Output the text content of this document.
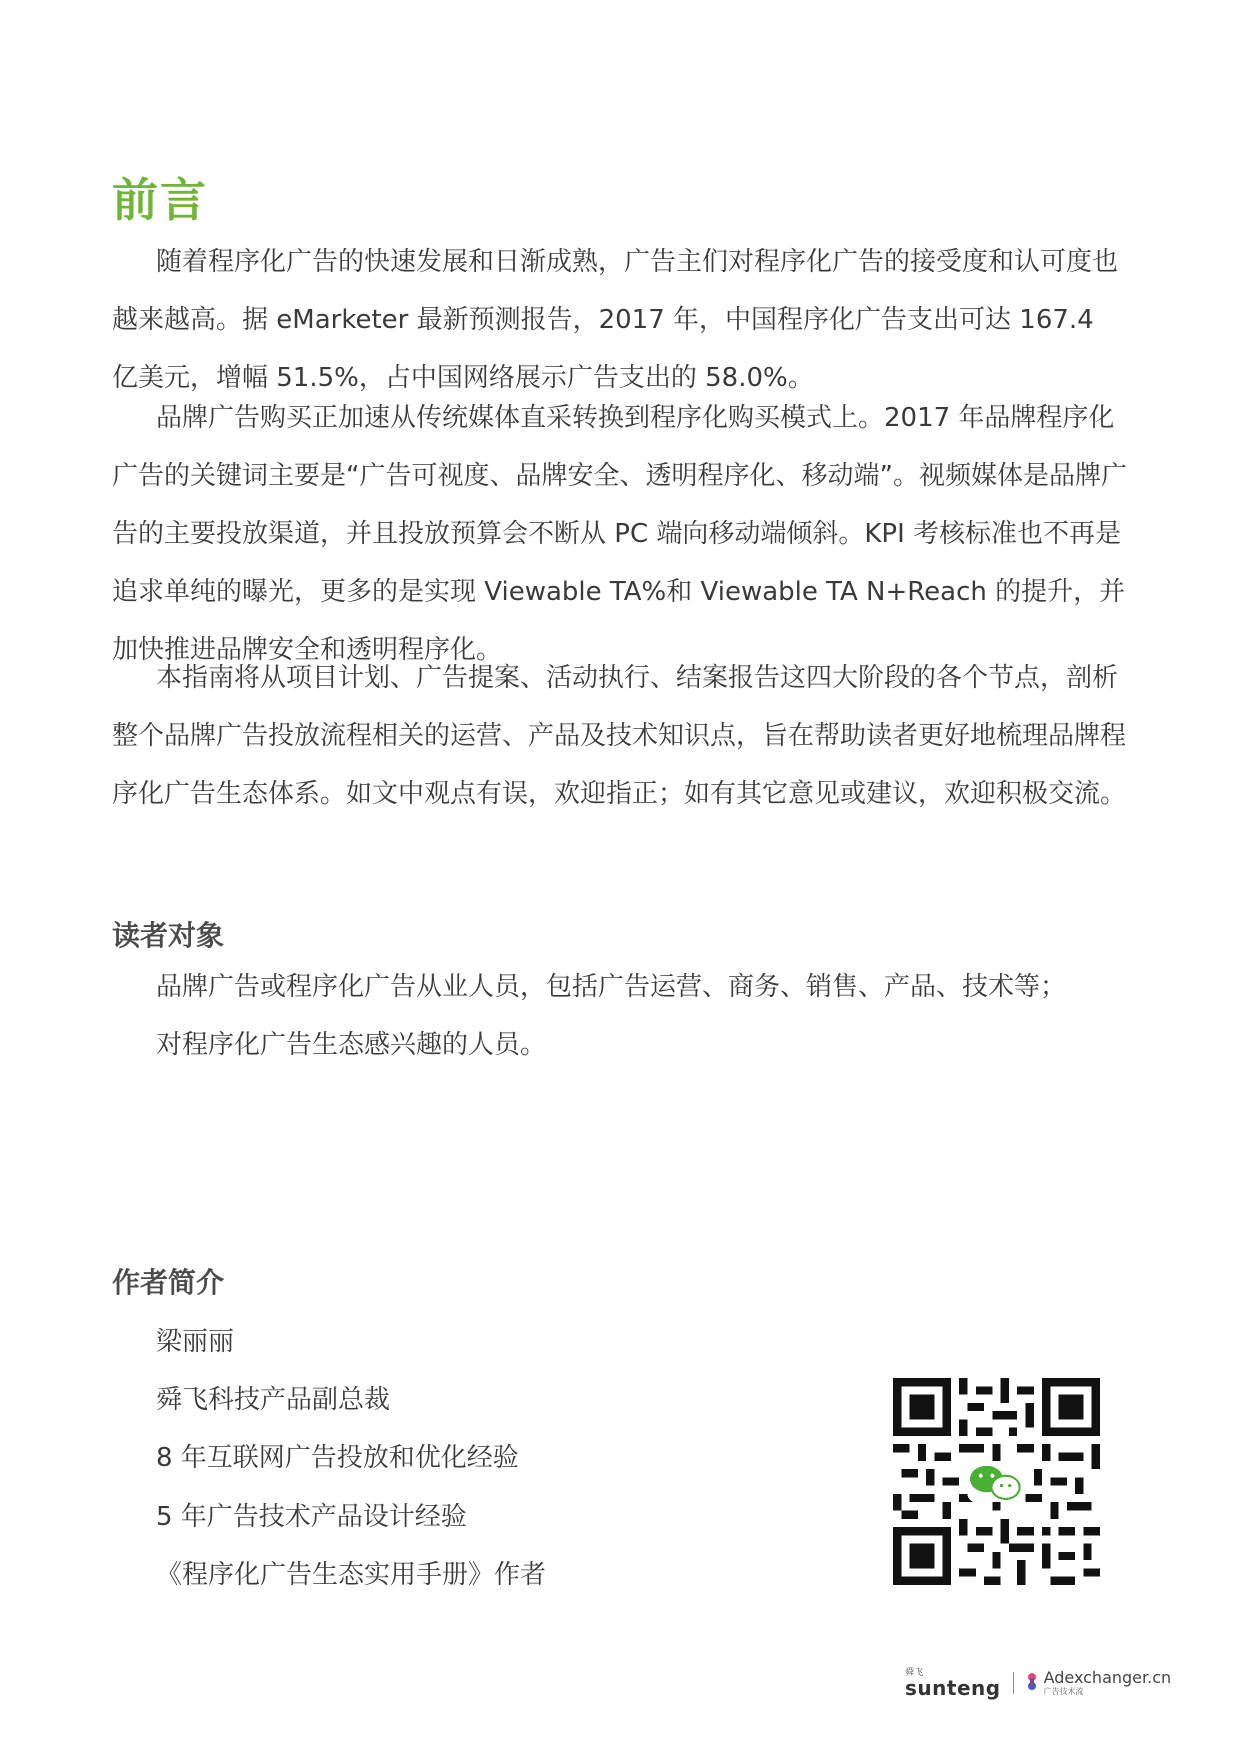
前言

随着程序化广告的快速发展和日渐成熟，广告主们对程序化广告的接受度和认可度也越来越高。据 eMarketer 最新预测报告，2017 年，中国程序化广告支出可达 167.4 亿美元，增幅 51.5%，占中国网络展示广告支出的 58.0%。

品牌广告购买正加速从传统媒体直采转换到程序化购买模式上。2017 年品牌程序化广告的关键词主要是“广告可视度、品牌安全、透明程序化、移动端”。视频媒体是品牌广告的主要投放渠道，并且投放预算会不断从 PC 端向移动端倾斜。KPI 考核标准也不再是追求单纯的曝光，更多的是实现 Viewable TA%和 Viewable TA N+Reach 的提升，并加快推进品牌安全和透明程序化。

本指南将从项目计划、广告提案、活动执行、结案报告这四大阶段的各个节点，剖析整个品牌广告投放流程相关的运营、产品及技术知识点，旨在帮助读者更好地梳理品牌程序化广告生态体系。如文中观点有误，欢迎指正；如有其它意见或建议，欢迎积极交流。

读者对象
品牌广告或程序化广告从业人员，包括广告运营、商务、销售、产品、技术等；
对程序化广告生态感兴趣的人员。
作者简介
梁丽丽
舜飞科技产品副总裁
8 年互联网广告投放和优化经验
5 年广告技术产品设计经验
《程序化广告生态实用手册》作者
舜飞
sunteng	Adexchanger.cn
广告技术流
